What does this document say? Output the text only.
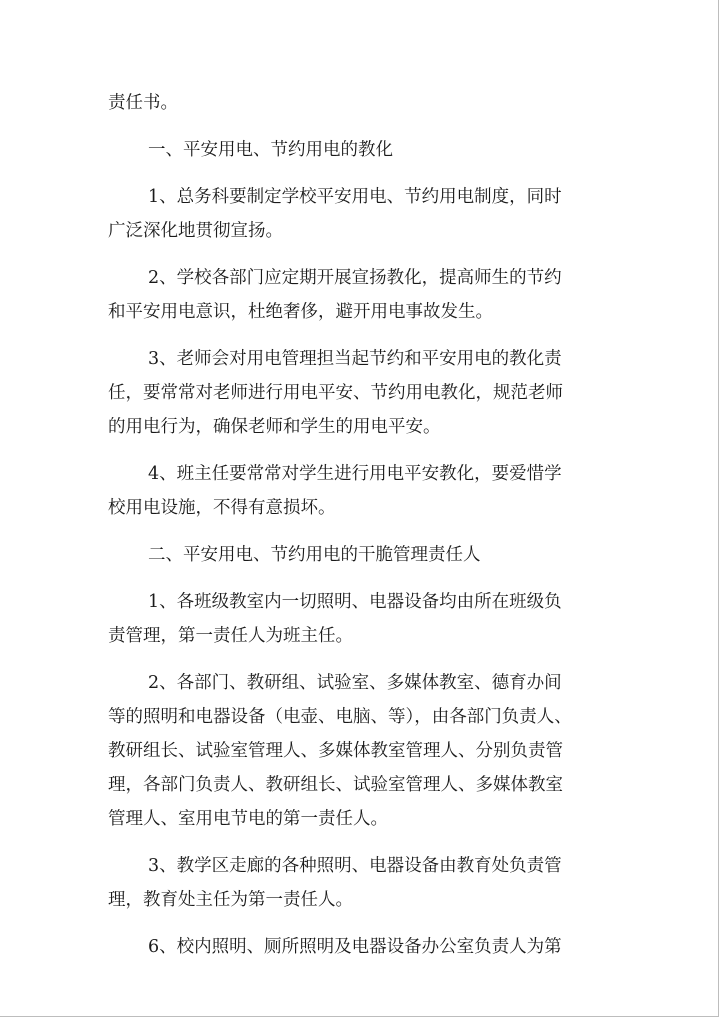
责任书。
一、平安用电、节约用电的教化
1、总务科要制定学校平安用电、节约用电制度，同时
广泛深化地贯彻宣扬。
2、学校各部门应定期开展宣扬教化，提高师生的节约
和平安用电意识，杜绝奢侈，避开用电事故发生。
3、老师会对用电管理担当起节约和平安用电的教化责
任，要常常对老师进行用电平安、节约用电教化，规范老师
的用电行为，确保老师和学生的用电平安。
4、班主任要常常对学生进行用电平安教化，要爱惜学
校用电设施，不得有意损坏。
二、平安用电、节约用电的干脆管理责任人
1、各班级教室内一切照明、电器设备均由所在班级负
责管理，第一责任人为班主任。
2、各部门、教研组、试验室、多媒体教室、德育办间
等的照明和电器设备（电壶、电脑、等），由各部门负责人、
教研组长、试验室管理人、多媒体教室管理人、分别负责管
理，各部门负责人、教研组长、试验室管理人、多媒体教室
管理人、室用电节电的第一责任人。
3、教学区走廊的各种照明、电器设备由教育处负责管
理，教育处主任为第一责任人。
6、校内照明、厕所照明及电器设备办公室负责人为第
